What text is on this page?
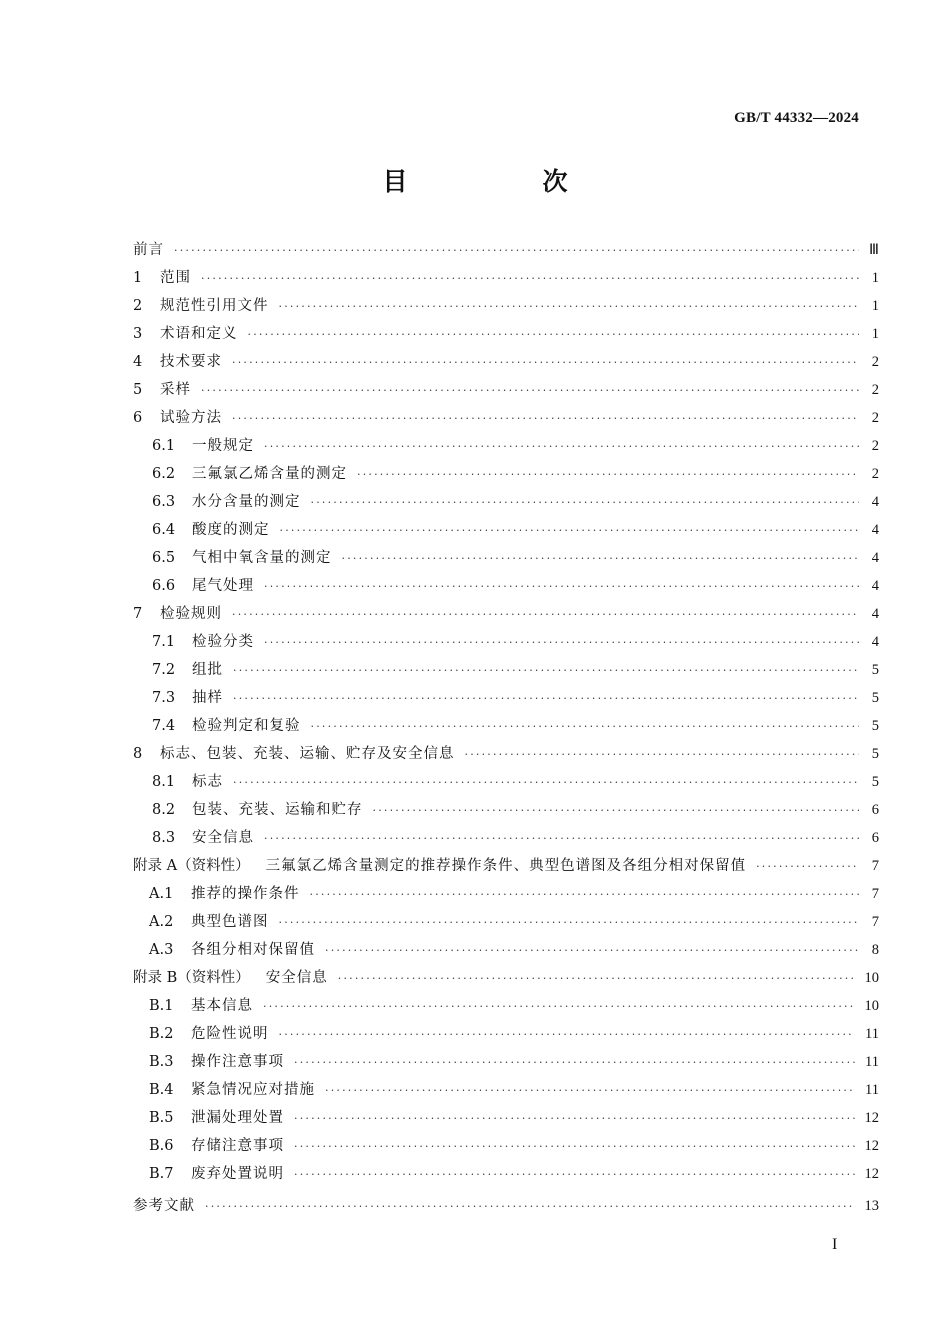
GB/T 44332—2024
目　次
前言 ·····	Ⅲ
1	范围 ·····	1
2	规范性引用文件 ·····	1
3	术语和定义 ·····	1
4	技术要求 ·····	2
5	采样 ·····	2
6	试验方法 ·····	2
6.1	一般规定 ·····	2
6.2	三氟氯乙烯含量的测定 ·····	2
6.3	水分含量的测定 ·····	4
6.4	酸度的测定 ·····	4
6.5	气相中氧含量的测定 ·····	4
6.6	尾气处理 ·····	4
7	检验规则 ·····	4
7.1	检验分类 ·····	4
7.2	组批 ·····	5
7.3	抽样 ·····	5
7.4	检验判定和复验 ·····	5
8	标志、包装、充装、运输、贮存及安全信息 ·····	5
8.1	标志 ·····	5
8.2	包装、充装、运输和贮存 ·····	6
8.3	安全信息 ·····	6
附录 A（资料性） 三氟氯乙烯含量测定的推荐操作条件、典型色谱图及各组分相对保留值 ·····	7
A.1	推荐的操作条件 ·····	7
A.2	典型色谱图 ·····	7
A.3	各组分相对保留值 ·····	8
附录 B（资料性） 安全信息 ·····	10
B.1	基本信息 ·····	10
B.2	危险性说明 ·····	11
B.3	操作注意事项 ·····	11
B.4	紧急情况应对措施 ·····	11
B.5	泄漏处理处置 ·····	12
B.6	存储注意事项 ·····	12
B.7	废弃处置说明 ·····	12
参考文献 ·····	13
I
